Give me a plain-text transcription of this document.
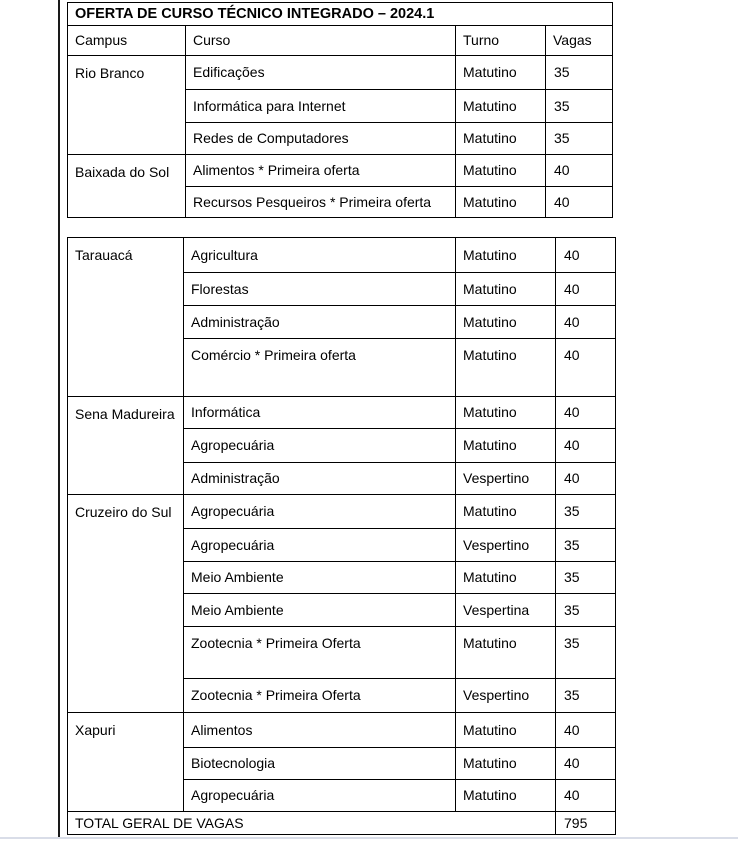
OFERTA DE CURSO TÉCNICO INTEGRADO – 2024.1			
Campus	Curso	Turno	Vagas
Rio Branco	Edificações	Matutino	35
	Informática para Internet	Matutino	35
	Redes de Computadores	Matutino	35
Baixada do Sol	Alimentos * Primeira oferta	Matutino	40
	Recursos Pesqueiros * Primeira oferta	Matutino	40
Tarauacá	Agricultura	Matutino	40
	Florestas	Matutino	40
	Administração	Matutino	40
	Comércio * Primeira oferta	Matutino	40
Sena Madureira	Informática	Matutino	40
	Agropecuária	Matutino	40
	Administração	Vespertino	40
Cruzeiro do Sul	Agropecuária	Matutino	35
	Agropecuária	Vespertino	35
	Meio Ambiente	Matutino	35
	Meio Ambiente	Vespertina	35
	Zootecnia * Primeira Oferta	Matutino	35
	Zootecnia * Primeira Oferta	Vespertino	35
Xapuri	Alimentos	Matutino	40
	Biotecnologia	Matutino	40
	Agropecuária	Matutino	40
TOTAL GERAL DE VAGAS			795
